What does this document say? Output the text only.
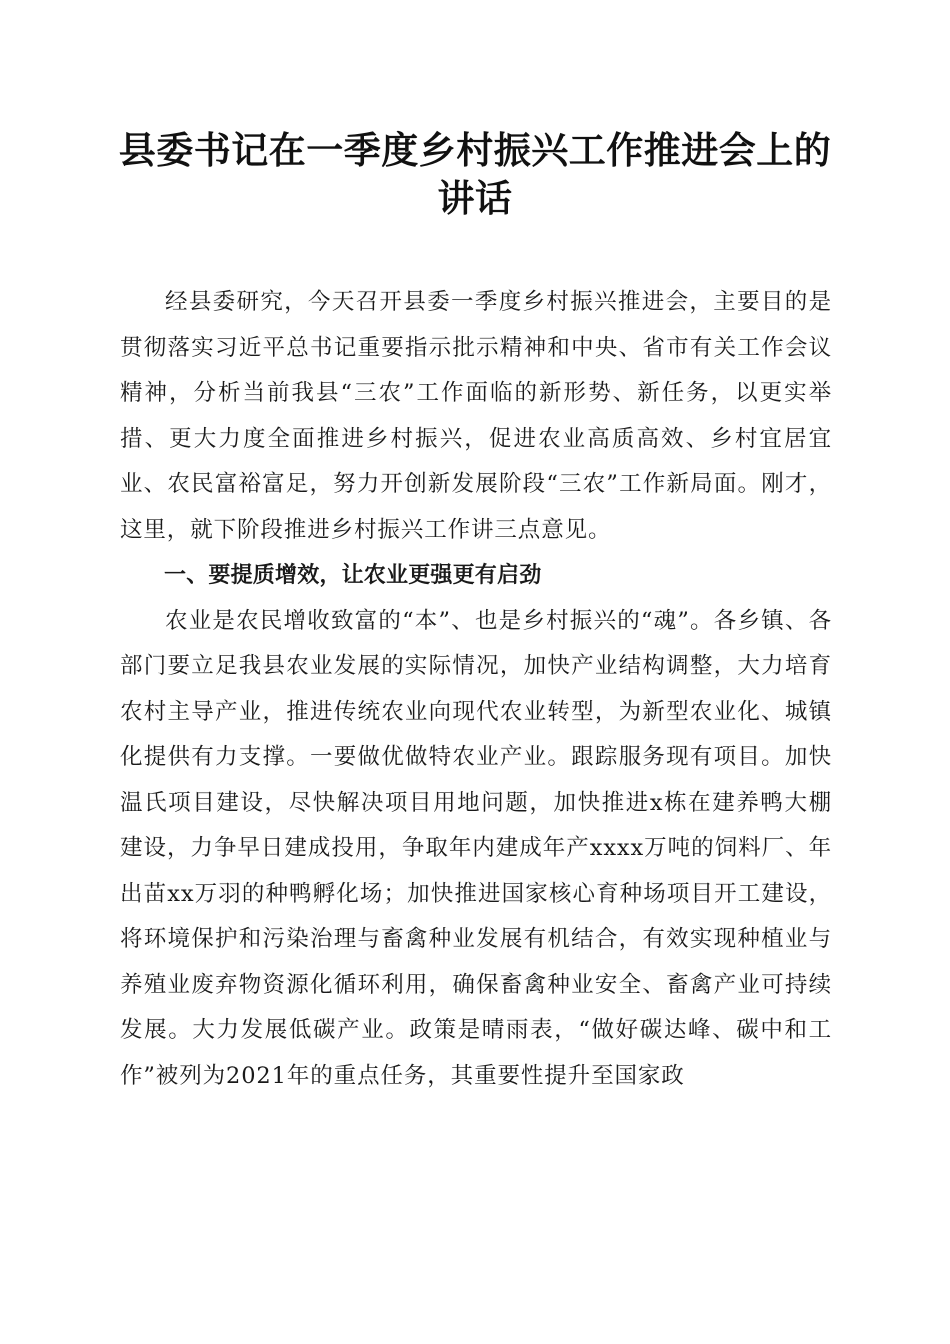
县委书记在一季度乡村振兴工作推进会上的讲话

经县委研究，今天召开县委一季度乡村振兴推进会，主要目的是贯彻落实习近平总书记重要指示批示精神和中央、省市有关工作会议精神，分析当前我县“三农”工作面临的新形势、新任务，以更实举措、更大力度全面推进乡村振兴，促进农业高质高效、乡村宜居宜业、农民富裕富足，努力开创新发展阶段“三农”工作新局面。刚才，这里，就下阶段推进乡村振兴工作讲三点意见。

一、要提质增效，让农业更强更有启劲

农业是农民增收致富的“本”、也是乡村振兴的“魂”。各乡镇、各部门要立足我县农业发展的实际情况，加快产业结构调整，大力培育农村主导产业，推进传统农业向现代农业转型，为新型农业化、城镇化提供有力支撑。一要做优做特农业产业。跟踪服务现有项目。加快温氏项目建设，尽快解决项目用地问题，加快推进x栋在建养鸭大棚建设，力争早日建成投用，争取年内建成年产xxxx万吨的饲料厂、年出苗xx万羽的种鸭孵化场；加快推进国家核心育种场项目开工建设，将环境保护和污染治理与畜禽种业发展有机结合，有效实现种植业与养殖业废弃物资源化循环利用，确保畜禽种业安全、畜禽产业可持续发展。大力发展低碳产业。政策是晴雨表，“做好碳达峰、碳中和工作”被列为2021年的重点任务，其重要性提升至国家政
